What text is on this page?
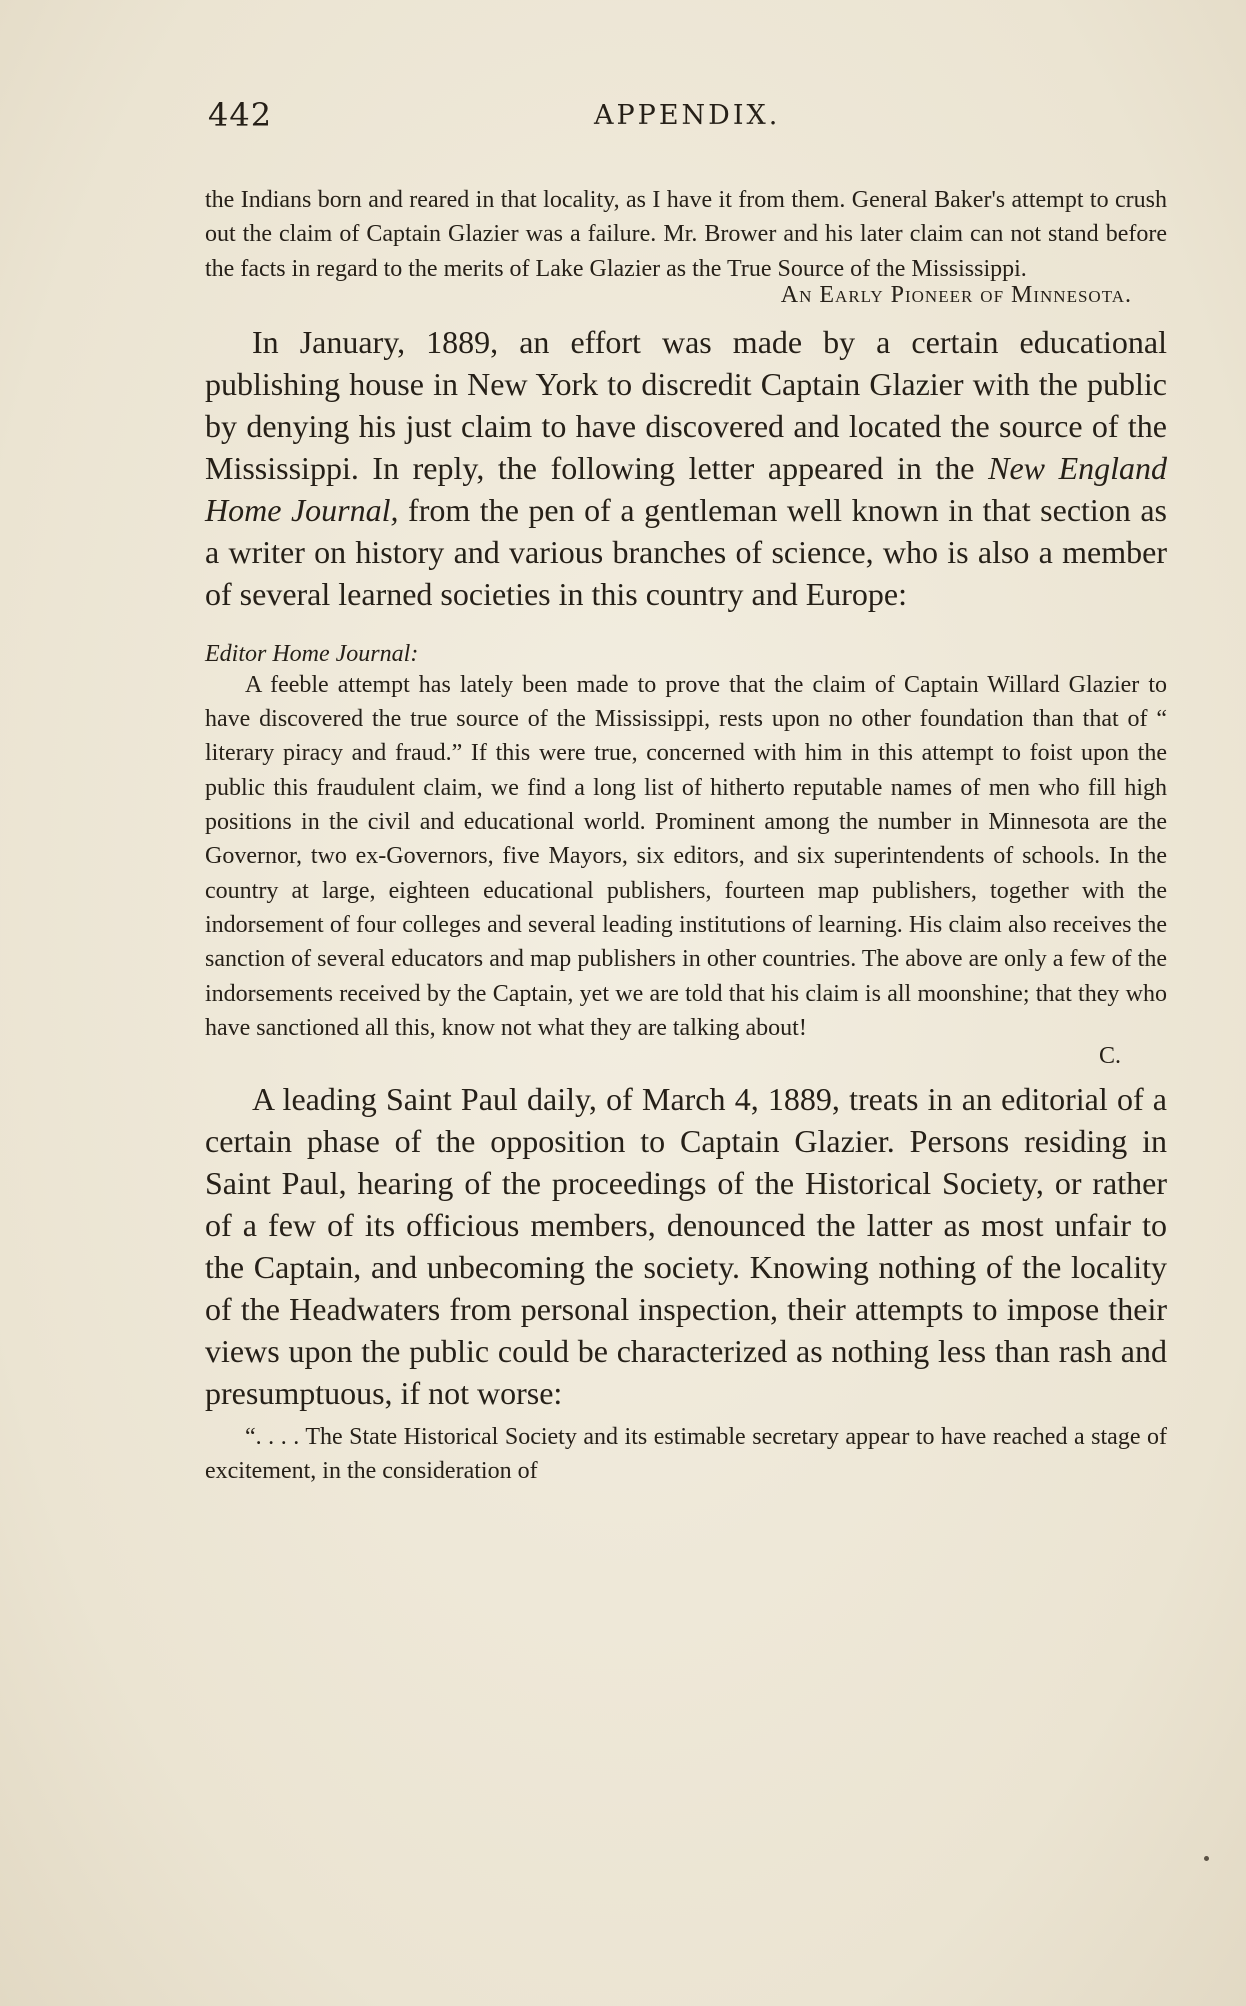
442	APPENDIX.

the Indians born and reared in that locality, as I have it from them. General Baker's attempt to crush out the claim of Captain Glazier was a failure. Mr. Brower and his later claim can not stand before the facts in regard to the merits of Lake Glazier as the True Source of the Mississippi.

An Early Pioneer of Minnesota.

In January, 1889, an effort was made by a certain educational publishing house in New York to discredit Captain Glazier with the public by denying his just claim to have discovered and located the source of the Mississippi. In reply, the following letter appeared in the New England Home Journal, from the pen of a gentleman well known in that section as a writer on history and various branches of science, who is also a member of several learned societies in this country and Europe:

Editor Home Journal:

A feeble attempt has lately been made to prove that the claim of Captain Willard Glazier to have discovered the true source of the Mississippi, rests upon no other foundation than that of “ literary piracy and fraud.” If this were true, concerned with him in this attempt to foist upon the public this fraudulent claim, we find a long list of hitherto reputable names of men who fill high positions in the civil and educational world. Prominent among the number in Minnesota are the Governor, two ex-Governors, five Mayors, six editors, and six superintendents of schools. In the country at large, eighteen educational publishers, fourteen map publishers, together with the indorsement of four colleges and several leading institutions of learning. His claim also receives the sanction of several educators and map publishers in other countries. The above are only a few of the indorsements received by the Captain, yet we are told that his claim is all moonshine; that they who have sanctioned all this, know not what they are talking about!

C.

A leading Saint Paul daily, of March 4, 1889, treats in an editorial of a certain phase of the opposition to Captain Glazier. Persons residing in Saint Paul, hearing of the proceedings of the Historical Society, or rather of a few of its officious members, denounced the latter as most unfair to the Captain, and unbecoming the society. Knowing nothing of the locality of the Headwaters from personal inspection, their attempts to impose their views upon the public could be characterized as nothing less than rash and presumptuous, if not worse:

“. . . . The State Historical Society and its estimable secretary appear to have reached a stage of excitement, in the consideration of
